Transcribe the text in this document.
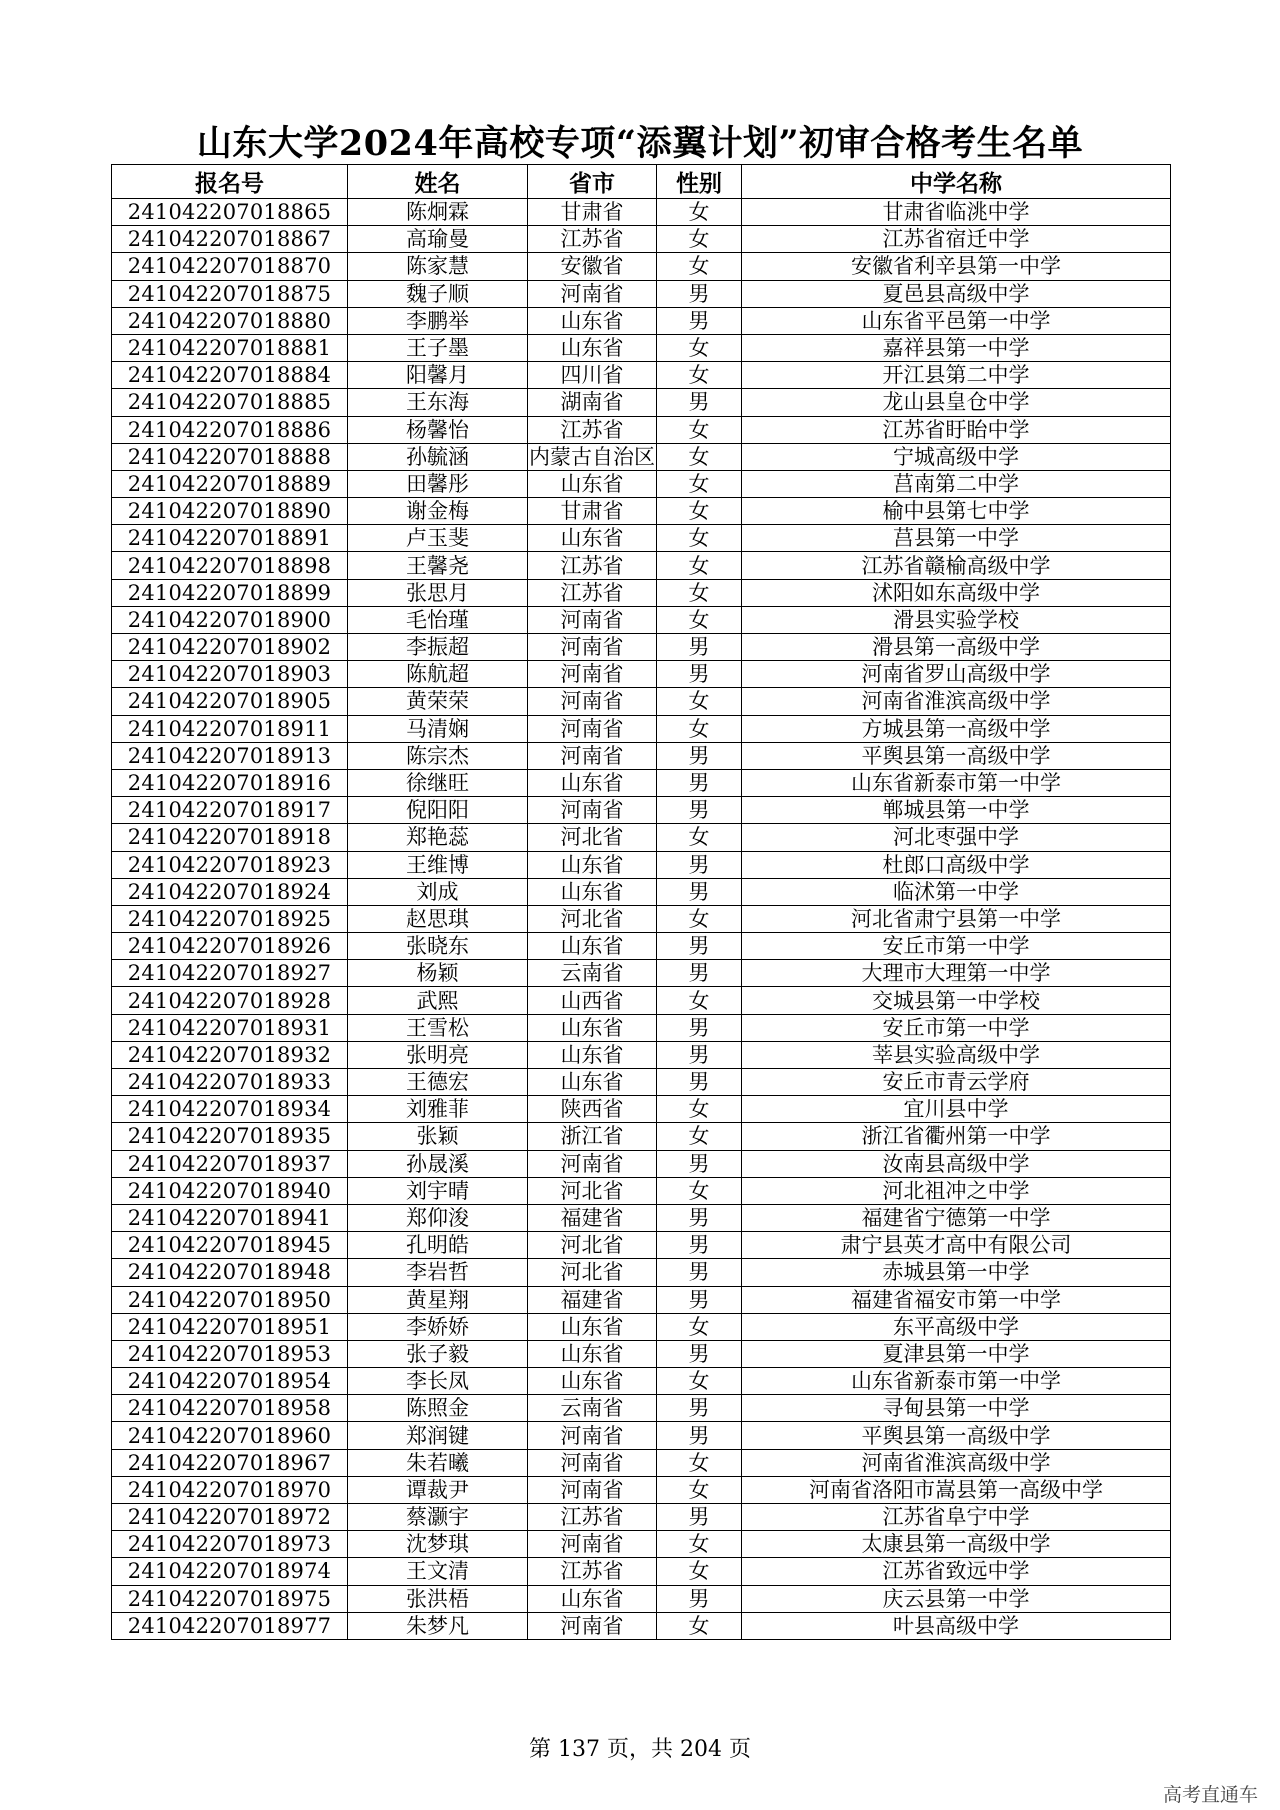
山东大学2024年高校专项“添翼计划”初审合格考生名单
报名号	姓名	省市	性别	中学名称
241042207018865	陈炯霖	甘肃省	女	甘肃省临洮中学
241042207018867	高瑜曼	江苏省	女	江苏省宿迁中学
241042207018870	陈家慧	安徽省	女	安徽省利辛县第一中学
241042207018875	魏子顺	河南省	男	夏邑县高级中学
241042207018880	李鹏举	山东省	男	山东省平邑第一中学
241042207018881	王子墨	山东省	女	嘉祥县第一中学
241042207018884	阳馨月	四川省	女	开江县第二中学
241042207018885	王东海	湖南省	男	龙山县皇仓中学
241042207018886	杨馨怡	江苏省	女	江苏省盱眙中学
241042207018888	孙毓涵	内蒙古自治区	女	宁城高级中学
241042207018889	田馨彤	山东省	女	莒南第二中学
241042207018890	谢金梅	甘肃省	女	榆中县第七中学
241042207018891	卢玉斐	山东省	女	莒县第一中学
241042207018898	王馨尧	江苏省	女	江苏省赣榆高级中学
241042207018899	张思月	江苏省	女	沭阳如东高级中学
241042207018900	毛怡瑾	河南省	女	滑县实验学校
241042207018902	李振超	河南省	男	滑县第一高级中学
241042207018903	陈航超	河南省	男	河南省罗山高级中学
241042207018905	黄荣荣	河南省	女	河南省淮滨高级中学
241042207018911	马清娴	河南省	女	方城县第一高级中学
241042207018913	陈宗杰	河南省	男	平舆县第一高级中学
241042207018916	徐继旺	山东省	男	山东省新泰市第一中学
241042207018917	倪阳阳	河南省	男	郸城县第一中学
241042207018918	郑艳蕊	河北省	女	河北枣强中学
241042207018923	王维博	山东省	男	杜郎口高级中学
241042207018924	刘成	山东省	男	临沭第一中学
241042207018925	赵思琪	河北省	女	河北省肃宁县第一中学
241042207018926	张晓东	山东省	男	安丘市第一中学
241042207018927	杨颖	云南省	男	大理市大理第一中学
241042207018928	武熙	山西省	女	交城县第一中学校
241042207018931	王雪松	山东省	男	安丘市第一中学
241042207018932	张明亮	山东省	男	莘县实验高级中学
241042207018933	王德宏	山东省	男	安丘市青云学府
241042207018934	刘雅菲	陕西省	女	宜川县中学
241042207018935	张颖	浙江省	女	浙江省衢州第一中学
241042207018937	孙晟溪	河南省	男	汝南县高级中学
241042207018940	刘宇晴	河北省	女	河北祖冲之中学
241042207018941	郑仰浚	福建省	男	福建省宁德第一中学
241042207018945	孔明皓	河北省	男	肃宁县英才高中有限公司
241042207018948	李岩哲	河北省	男	赤城县第一中学
241042207018950	黄星翔	福建省	男	福建省福安市第一中学
241042207018951	李娇娇	山东省	女	东平高级中学
241042207018953	张子毅	山东省	男	夏津县第一中学
241042207018954	李长凤	山东省	女	山东省新泰市第一中学
241042207018958	陈照金	云南省	男	寻甸县第一中学
241042207018960	郑润键	河南省	男	平舆县第一高级中学
241042207018967	朱若曦	河南省	女	河南省淮滨高级中学
241042207018970	谭裁尹	河南省	女	河南省洛阳市嵩县第一高级中学
241042207018972	蔡灏宇	江苏省	男	江苏省阜宁中学
241042207018973	沈梦琪	河南省	女	太康县第一高级中学
241042207018974	王文清	江苏省	女	江苏省致远中学
241042207018975	张洪梧	山东省	男	庆云县第一中学
241042207018977	朱梦凡	河南省	女	叶县高级中学
第 137 页，共 204 页
高考直通车
